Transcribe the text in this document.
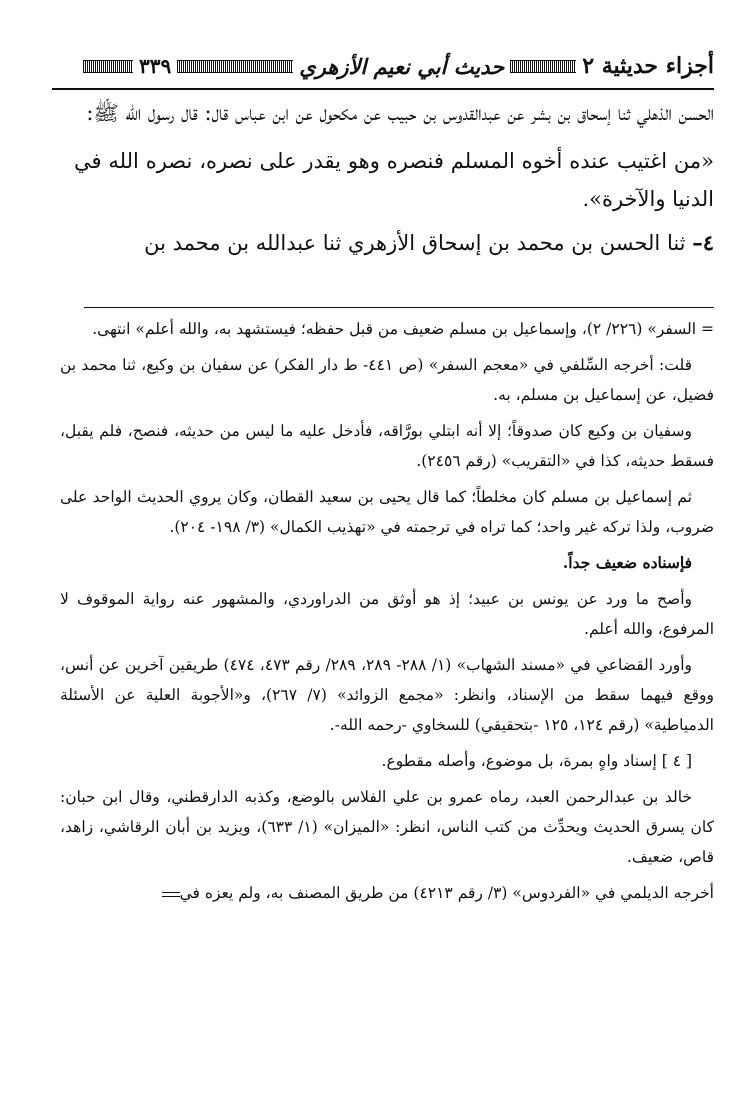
أجزاء حديثية ٢
حديث أبي نعيم الأزهري
٣٣٩

الحسن الذهلي ثنا إسحاق بن بشر عن عبدالقدوس بن حبيب عن مكحول عن ابن عباس قال: قال رسول الله ﷺ:

«من اغتيب عنده أخوه المسلم فنصره وهو يقدر على نصره، نصره الله في الدنيا والآخرة».

٤– ثنا الحسن بن محمد بن إسحاق الأزهري ثنا عبدالله بن محمد بن

= السفر» (٢٢٦/ ٢)، وإسماعيل بن مسلم ضعيف من قبل حفظه؛ فيستشهد به، والله أعلم» انتهى.

قلت: أخرجه السِّلفي في «معجم السفر» (ص ٤٤١- ط دار الفكر) عن سفيان بن وكيع، ثنا محمد بن فضيل، عن إسماعيل بن مسلم، به.

وسفيان بن وكيع كان صدوقاً؛ إلا أنه ابتلي بورَّاقه، فأدخل عليه ما ليس من حديثه، فنصح، فلم يقبل، فسقط حديثه، كذا في «التقريب» (رقم ٢٤٥٦).

ثم إسماعيل بن مسلم كان مخلطاً؛ كما قال يحيى بن سعيد القطان، وكان يروي الحديث الواحد على ضروب، ولذا تركه غير واحد؛ كما تراه في ترجمته في «تهذيب الكمال» (٣/ ١٩٨- ٢٠٤).

فإسناده ضعيف جداً.

وأصح ما ورد عن يونس بن عبيد؛ إذ هو أوثق من الدراوردي، والمشهور عنه رواية الموقوف لا المرفوع، والله أعلم.

وأورد القضاعي في «مسند الشهاب» (١/ ٢٨٨- ٢٨٩، ٢٨٩/ رقم ٤٧٣، ٤٧٤) طريقين آخرين عن أنس، ووقع فيهما سقط من الإسناد، وانظر: «مجمع الزوائد» (٧/ ٢٦٧)، و«الأجوبة العلية عن الأسئلة الدمياطية» (رقم ١٢٤، ١٢٥ -بتحقيقي) للسخاوي -رحمه الله-.

[ ٤ ] إسناد واهٍ بمرة، بل موضوع، وأصله مقطوع.

خالد بن عبدالرحمن العبد، رماه عمرو بن علي الفلاس بالوضع، وكذبه الدارقطني، وقال ابن حبان: كان يسرق الحديث ويحدِّث من كتب الناس، انظر: «الميزان» (١/ ٦٣٣)، ويزيد بن أبان الرقاشي، زاهد، قاص، ضعيف.

أخرجه الديلمي في «الفردوس» (٣/ رقم ٤٢١٣) من طريق المصنف به، ولم يعزه في
